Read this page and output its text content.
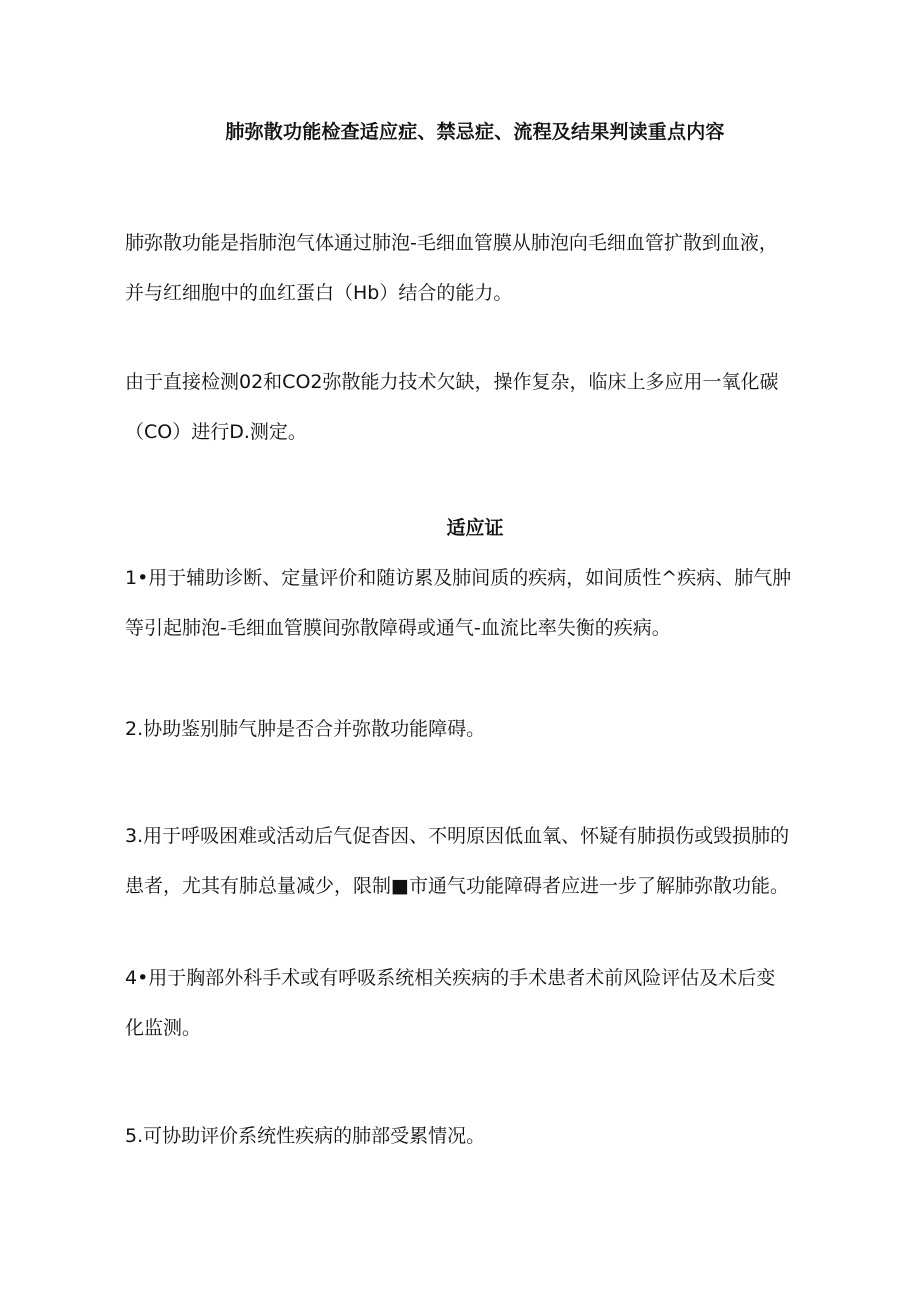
肺弥散功能检查适应症、禁忌症、流程及结果判读重点内容

肺弥散功能是指肺泡气体通过肺泡-毛细血管膜从肺泡向毛细血管扩散到血液，
并与红细胞中的血红蛋白（Hb）结合的能力。

由于直接检测02和CO2弥散能力技术欠缺，操作复杂，临床上多应用一氧化碳
（CO）进行D.测定。

适应证

1•用于辅助诊断、定量评价和随访累及肺间质的疾病，如间质性^疾病、肺气肿
等引起肺泡-毛细血管膜间弥散障碍或通气-血流比率失衡的疾病。

2.协助鉴别肺气肿是否合并弥散功能障碍。

3.用于呼吸困难或活动后气促杳因、不明原因低血氧、怀疑有肺损伤或毁损肺的
患者，尤其有肺总量减少，限制■市通气功能障碍者应进一步了解肺弥散功能。

4•用于胸部外科手术或有呼吸系统相关疾病的手术患者术前风险评估及术后变
化监测。

5.可协助评价系统性疾病的肺部受累情况。
